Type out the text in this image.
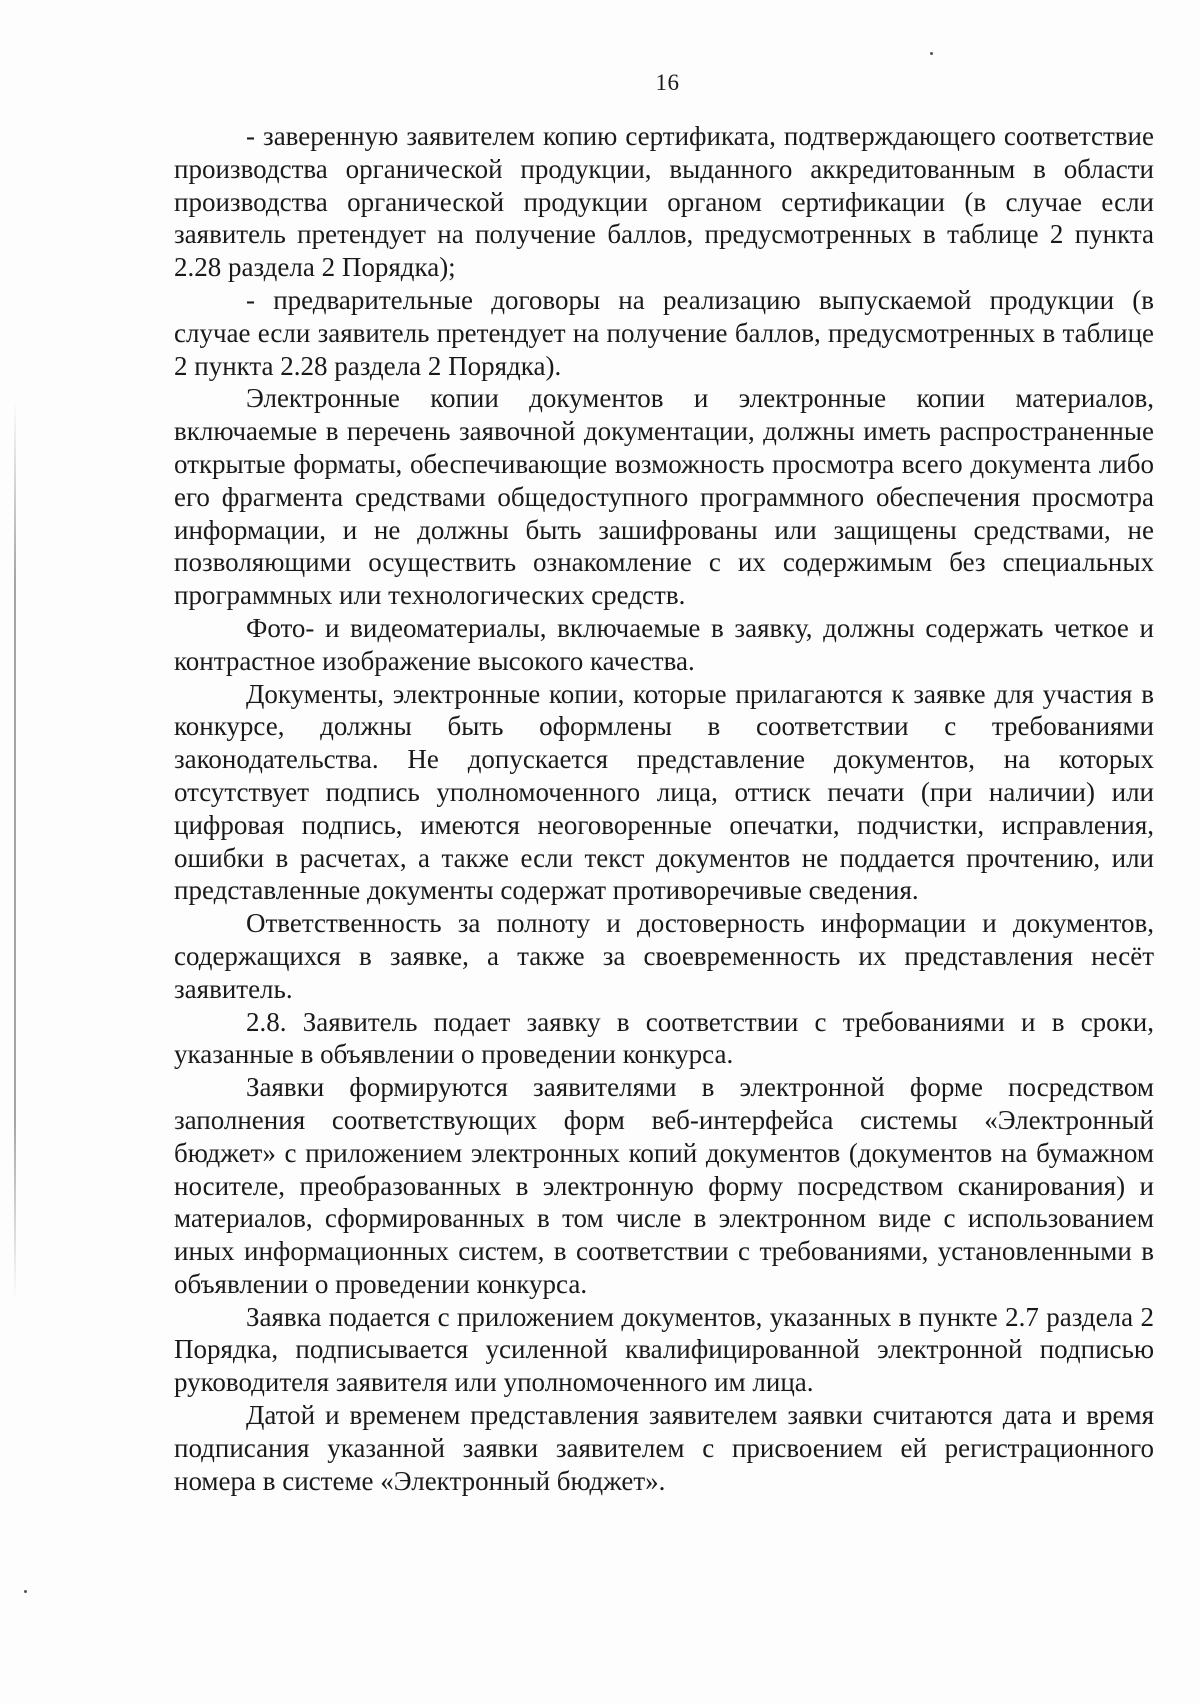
16

- заверенную заявителем копию сертификата, подтверждающего соответствие производства органической продукции, выданного аккредитованным в области производства органической продукции органом сертификации (в случае если заявитель претендует на получение баллов, предусмотренных в таблице 2 пункта 2.28 раздела 2 Порядка);

- предварительные договоры на реализацию выпускаемой продукции (в случае если заявитель претендует на получение баллов, предусмотренных в таблице 2 пункта 2.28 раздела 2 Порядка).

Электронные копии документов и электронные копии материалов, включаемые в перечень заявочной документации, должны иметь распространенные открытые форматы, обеспечивающие возможность просмотра всего документа либо его фрагмента средствами общедоступного программного обеспечения просмотра информации, и не должны быть зашифрованы или защищены средствами, не позволяющими осуществить ознакомление с их содержимым без специальных программных или технологических средств.

Фото- и видеоматериалы, включаемые в заявку, должны содержать четкое и контрастное изображение высокого качества.

Документы, электронные копии, которые прилагаются к заявке для участия в конкурсе, должны быть оформлены в соответствии с требованиями законодательства. Не допускается представление документов, на которых отсутствует подпись уполномоченного лица, оттиск печати (при наличии) или цифровая подпись, имеются неоговоренные опечатки, подчистки, исправления, ошибки в расчетах, а также если текст документов не поддается прочтению, или представленные документы содержат противоречивые сведения.

Ответственность за полноту и достоверность информации и документов, содержащихся в заявке, а также за своевременность их представления несёт заявитель.

2.8. Заявитель подает заявку в соответствии с требованиями и в сроки, указанные в объявлении о проведении конкурса.

Заявки формируются заявителями в электронной форме посредством заполнения соответствующих форм веб-интерфейса системы «Электронный бюджет» с приложением электронных копий документов (документов на бумажном носителе, преобразованных в электронную форму посредством сканирования) и материалов, сформированных в том числе в электронном виде с использованием иных информационных систем, в соответствии с требованиями, установленными в объявлении о проведении конкурса.

Заявка подается с приложением документов, указанных в пункте 2.7 раздела 2 Порядка, подписывается усиленной квалифицированной электронной подписью руководителя заявителя или уполномоченного им лица.

Датой и временем представления заявителем заявки считаются дата и время подписания указанной заявки заявителем с присвоением ей регистрационного номера в системе «Электронный бюджет».
